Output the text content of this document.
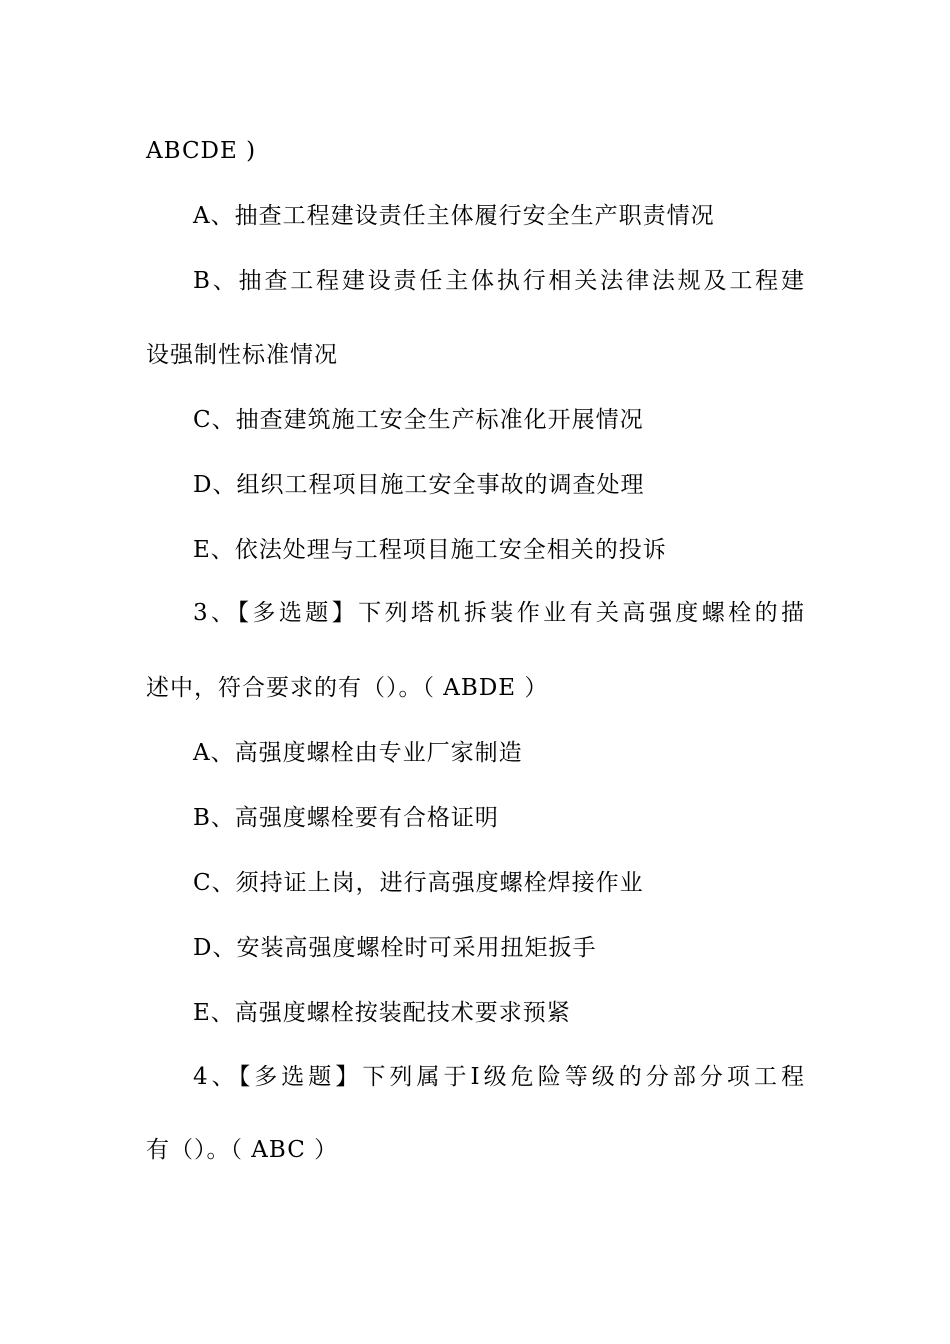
ABCDE )
A、抽查工程建设责任主体履行安全生产职责情况
B、抽查工程建设责任主体执行相关法律法规及工程建
设强制性标准情况
C、抽查建筑施工安全生产标准化开展情况
D、组织工程项目施工安全事故的调查处理
E、依法处理与工程项目施工安全相关的投诉
3、【多选题】下列塔机拆装作业有关高强度螺栓的描
述中，符合要求的有（）。（ ABDE ）
A、高强度螺栓由专业厂家制造
B、高强度螺栓要有合格证明
C、须持证上岗，进行高强度螺栓焊接作业
D、安装高强度螺栓时可采用扭矩扳手
E、高强度螺栓按装配技术要求预紧
4、【多选题】下列属于Ⅰ级危险等级的分部分项工程
有（）。（ ABC ）
